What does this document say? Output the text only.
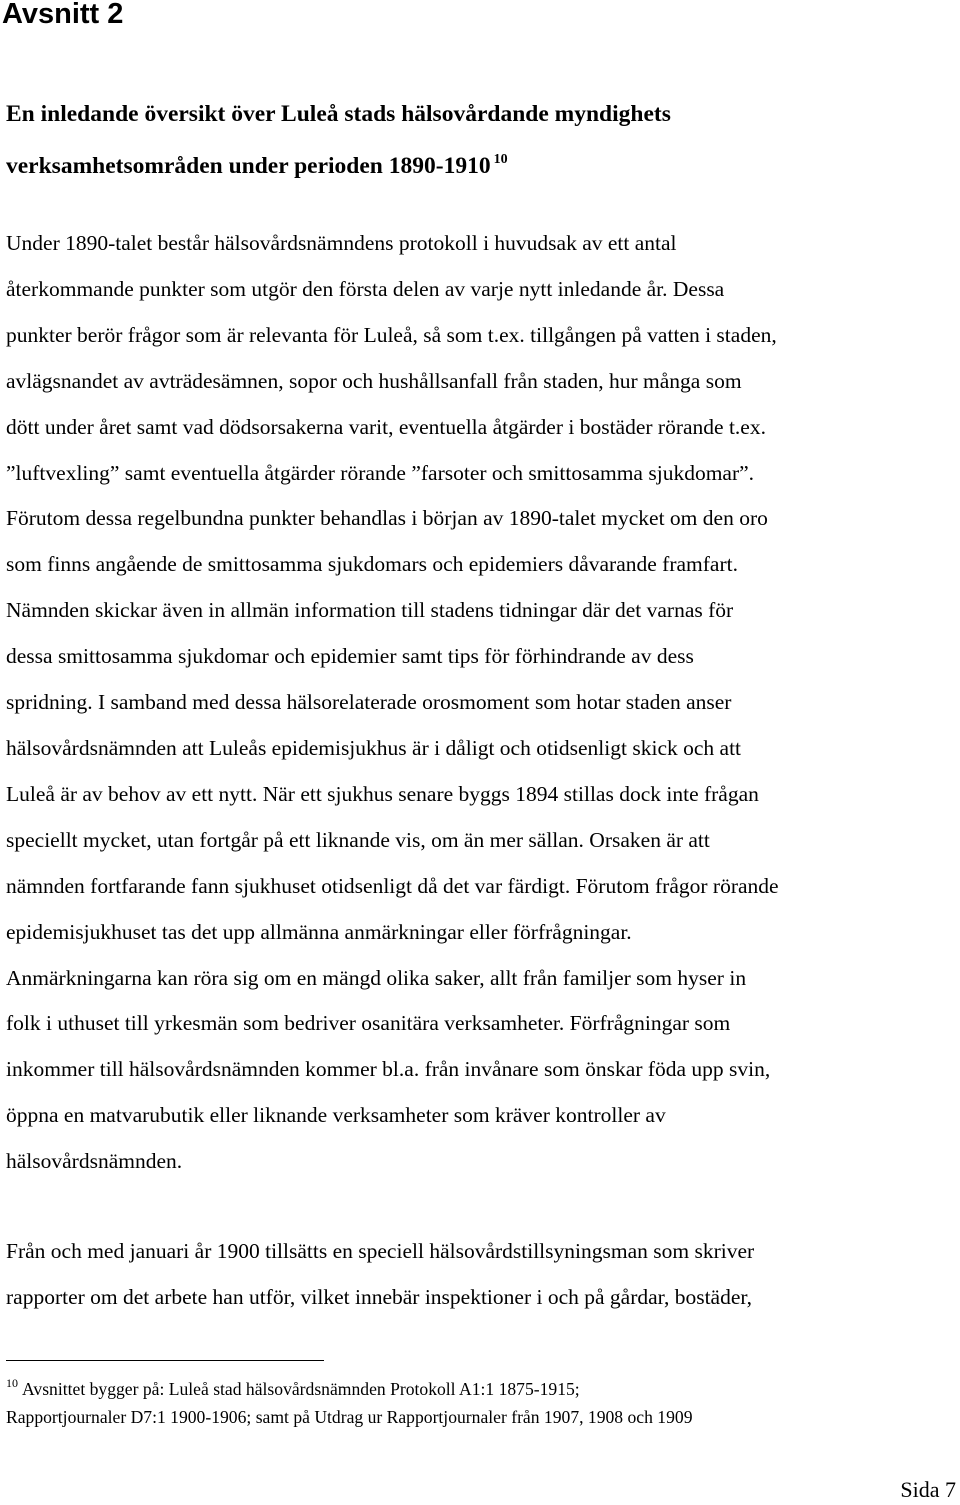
Avsnitt 2
En inledande översikt över Luleå stads hälsovårdande myndighets
verksamhetsområden under perioden 1890-1910 $^{10}$
Under 1890-talet består hälsovårdsnämndens protokoll i huvudsak av ett antal
återkommande punkter som utgör den första delen av varje nytt inledande år. Dessa
punkter berör frågor som är relevanta för Luleå, så som t.ex. tillgången på vatten i staden,
avlägsnandet av avträdesämnen, sopor och hushållsanfall från staden, hur många som
dött under året samt vad dödsorsakerna varit, eventuella åtgärder i bostäder rörande t.ex.
”luftvexling” samt eventuella åtgärder rörande ”farsoter och smittosamma sjukdomar”.
Förutom dessa regelbundna punkter behandlas i början av 1890-talet mycket om den oro
som finns angående de smittosamma sjukdomars och epidemiers dåvarande framfart.
Nämnden skickar även in allmän information till stadens tidningar där det varnas för
dessa smittosamma sjukdomar och epidemier samt tips för förhindrande av dess
spridning. I samband med dessa hälsorelaterade orosmoment som hotar staden anser
hälsovårdsnämnden att Luleås epidemisjukhus är i dåligt och otidsenligt skick och att
Luleå är av behov av ett nytt. När ett sjukhus senare byggs 1894 stillas dock inte frågan
speciellt mycket, utan fortgår på ett liknande vis, om än mer sällan. Orsaken är att
nämnden fortfarande fann sjukhuset otidsenligt då det var färdigt. Förutom frågor rörande
epidemisjukhuset tas det upp allmänna anmärkningar eller förfrågningar.
Anmärkningarna kan röra sig om en mängd olika saker, allt från familjer som hyser in
folk i uthuset till yrkesmän som bedriver osanitära verksamheter. Förfrågningar som
inkommer till hälsovårdsnämnden kommer bl.a. från invånare som önskar föda upp svin,
öppna en matvarubutik eller liknande verksamheter som kräver kontroller av
hälsovårdsnämnden.
Från och med januari år 1900 tillsätts en speciell hälsovårdstillsyningsman som skriver
rapporter om det arbete han utför, vilket innebär inspektioner i och på gårdar, bostäder,
$^{10}$ Avsnittet bygger på: Luleå stad hälsovårdsnämnden Protokoll A1:1 1875-1915;
Rapportjournaler D7:1 1900-1906; samt på Utdrag ur Rapportjournaler från 1907, 1908 och 1909
Sida 7
